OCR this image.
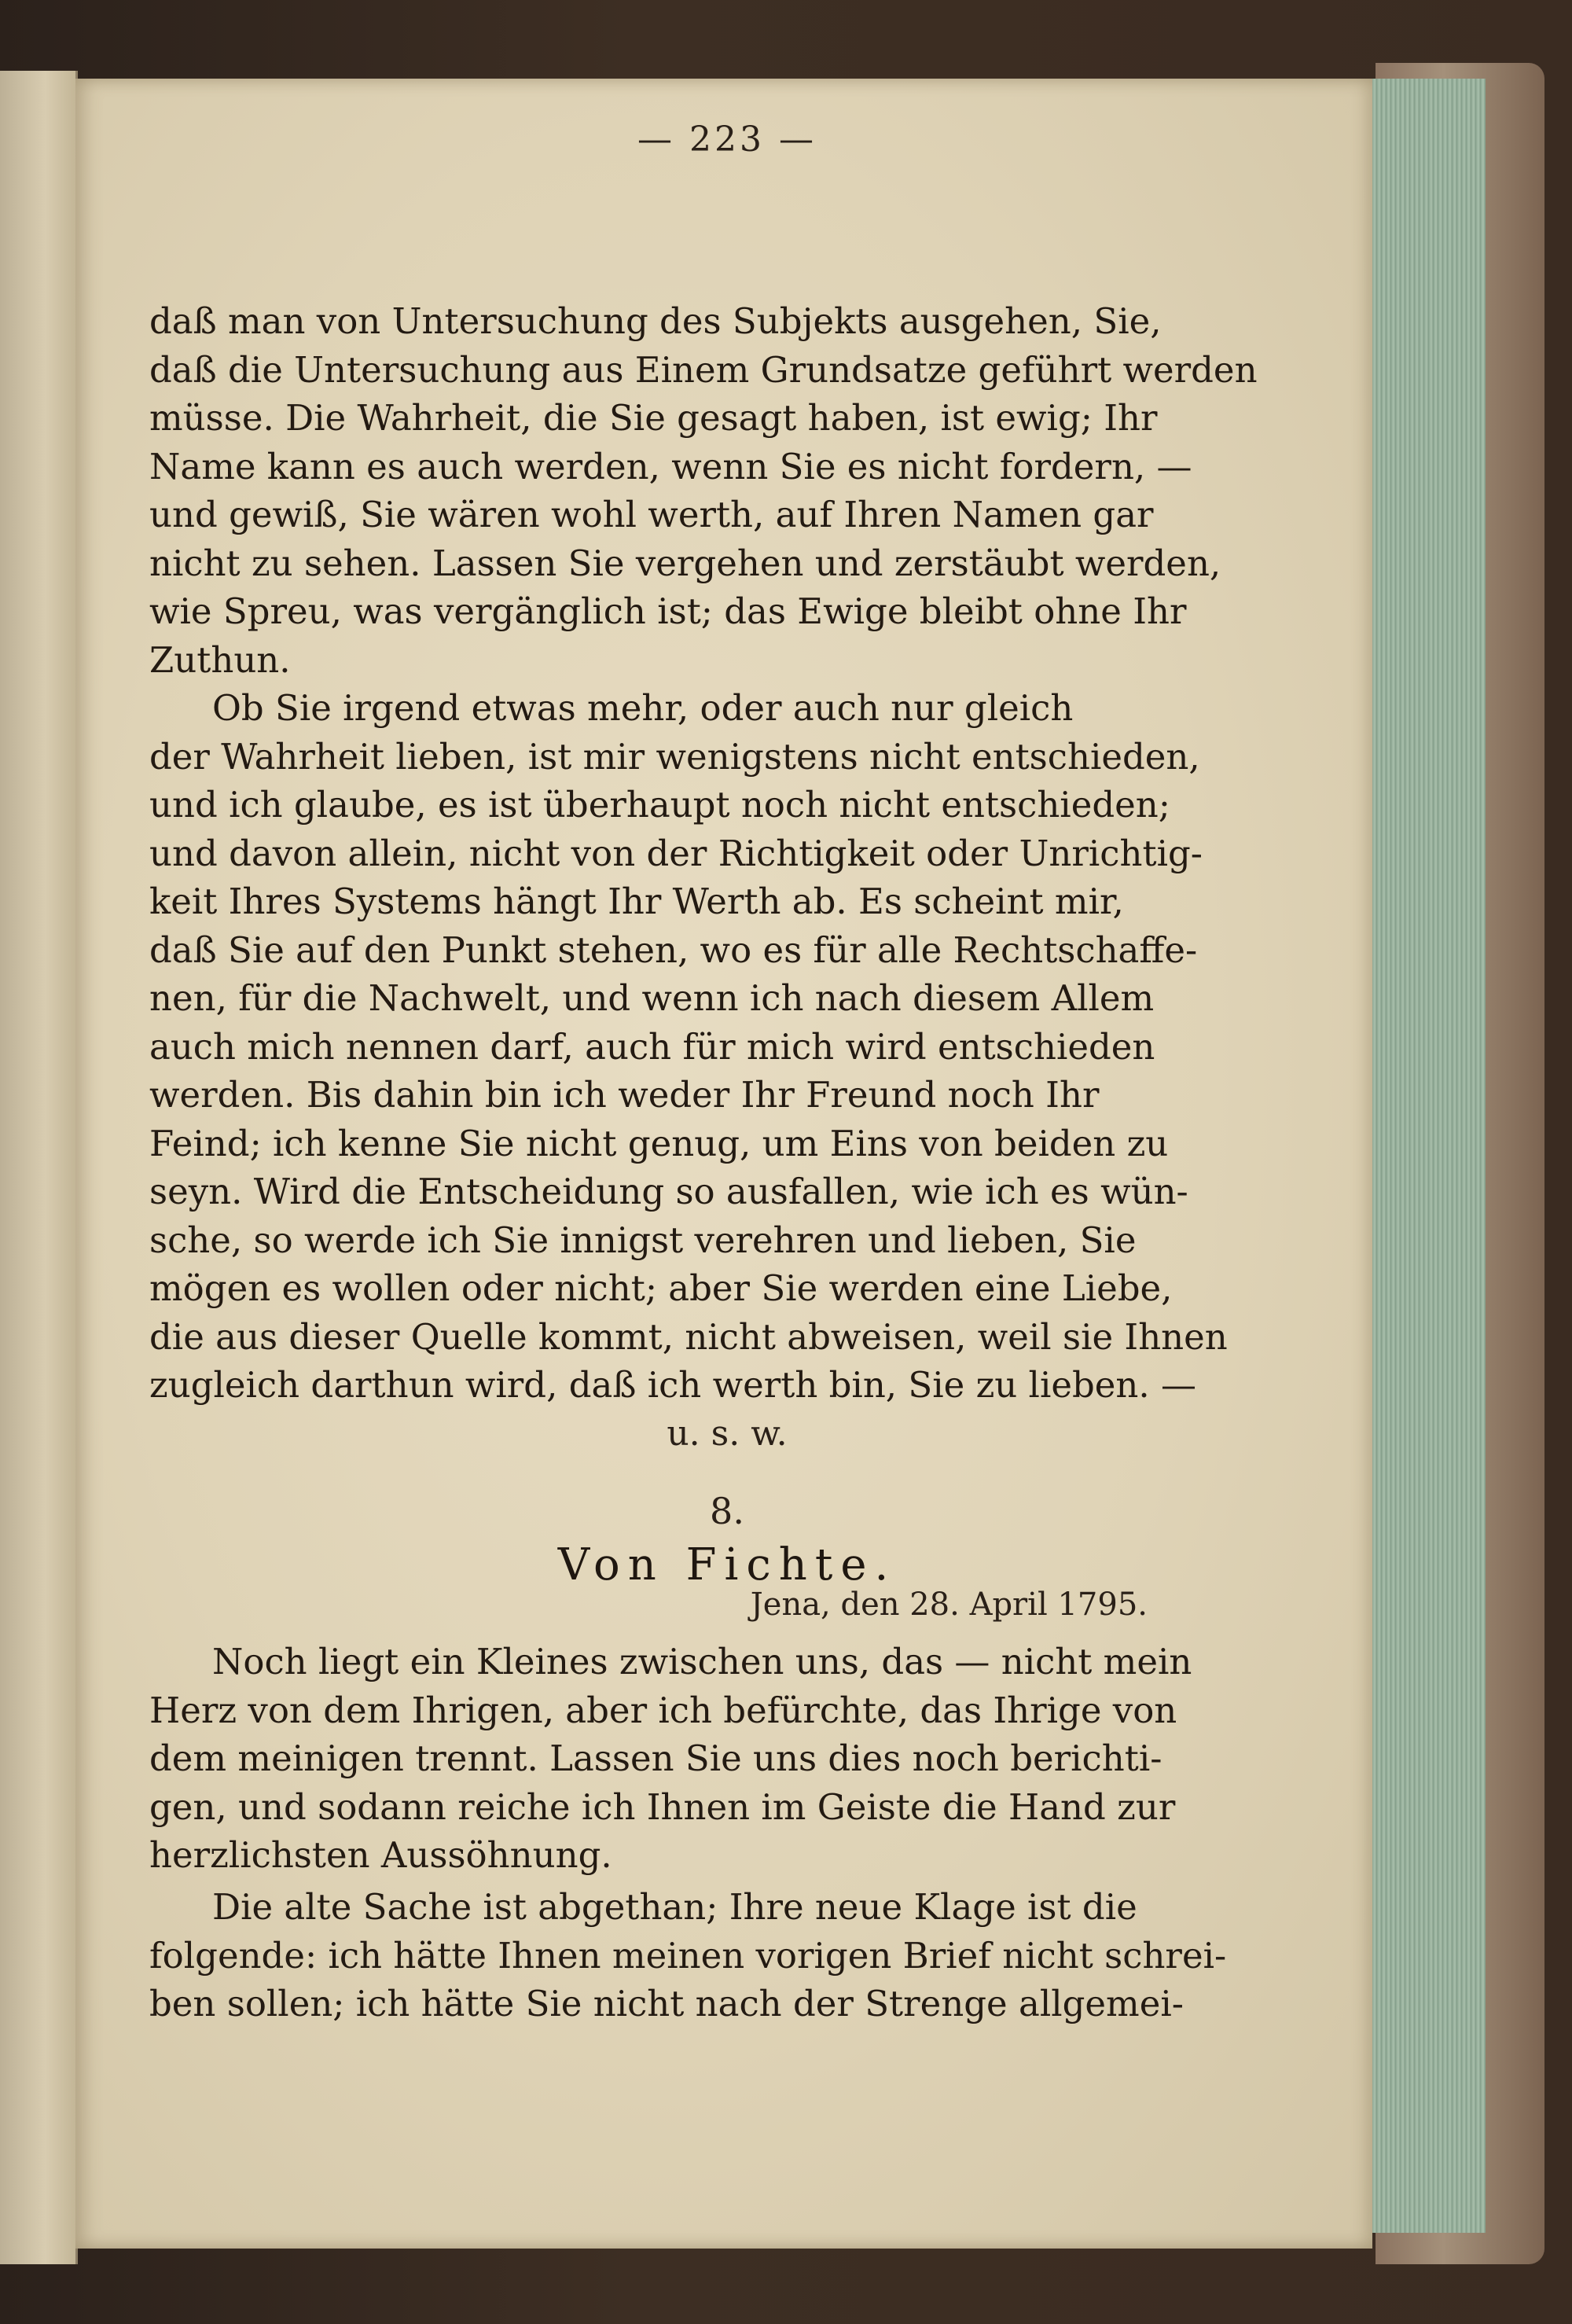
— 223 —
daß man von Untersuchung des Subjekts ausgehen, Sie,
daß die Untersuchung aus Einem Grundsatze geführt werden
müsse. Die Wahrheit, die Sie gesagt haben, ist ewig; Ihr
Name kann es auch werden, wenn Sie es nicht fordern, —
und gewiß, Sie wären wohl werth, auf Ihren Namen gar
nicht zu sehen. Lassen Sie vergehen und zerstäubt werden,
wie Spreu, was vergänglich ist; das Ewige bleibt ohne Ihr
Zuthun.
Ob Sie irgend etwas mehr, oder auch nur gleich
der Wahrheit lieben, ist mir wenigstens nicht entschieden,
und ich glaube, es ist überhaupt noch nicht entschieden;
und davon allein, nicht von der Richtigkeit oder Unrichtig-
keit Ihres Systems hängt Ihr Werth ab. Es scheint mir,
daß Sie auf den Punkt stehen, wo es für alle Rechtschaffe-
nen, für die Nachwelt, und wenn ich nach diesem Allem
auch mich nennen darf, auch für mich wird entschieden
werden. Bis dahin bin ich weder Ihr Freund noch Ihr
Feind; ich kenne Sie nicht genug, um Eins von beiden zu
seyn. Wird die Entscheidung so ausfallen, wie ich es wün-
sche, so werde ich Sie innigst verehren und lieben, Sie
mögen es wollen oder nicht; aber Sie werden eine Liebe,
die aus dieser Quelle kommt, nicht abweisen, weil sie Ihnen
zugleich darthun wird, daß ich werth bin, Sie zu lieben. —
u. s. w.
8.
Von Fichte.
Jena, den 28. April 1795.
Noch liegt ein Kleines zwischen uns, das — nicht mein
Herz von dem Ihrigen, aber ich befürchte, das Ihrige von
dem meinigen trennt. Lassen Sie uns dies noch berichti-
gen, und sodann reiche ich Ihnen im Geiste die Hand zur
herzlichsten Aussöhnung.
Die alte Sache ist abgethan; Ihre neue Klage ist die
folgende: ich hätte Ihnen meinen vorigen Brief nicht schrei-
ben sollen; ich hätte Sie nicht nach der Strenge allgemei-
